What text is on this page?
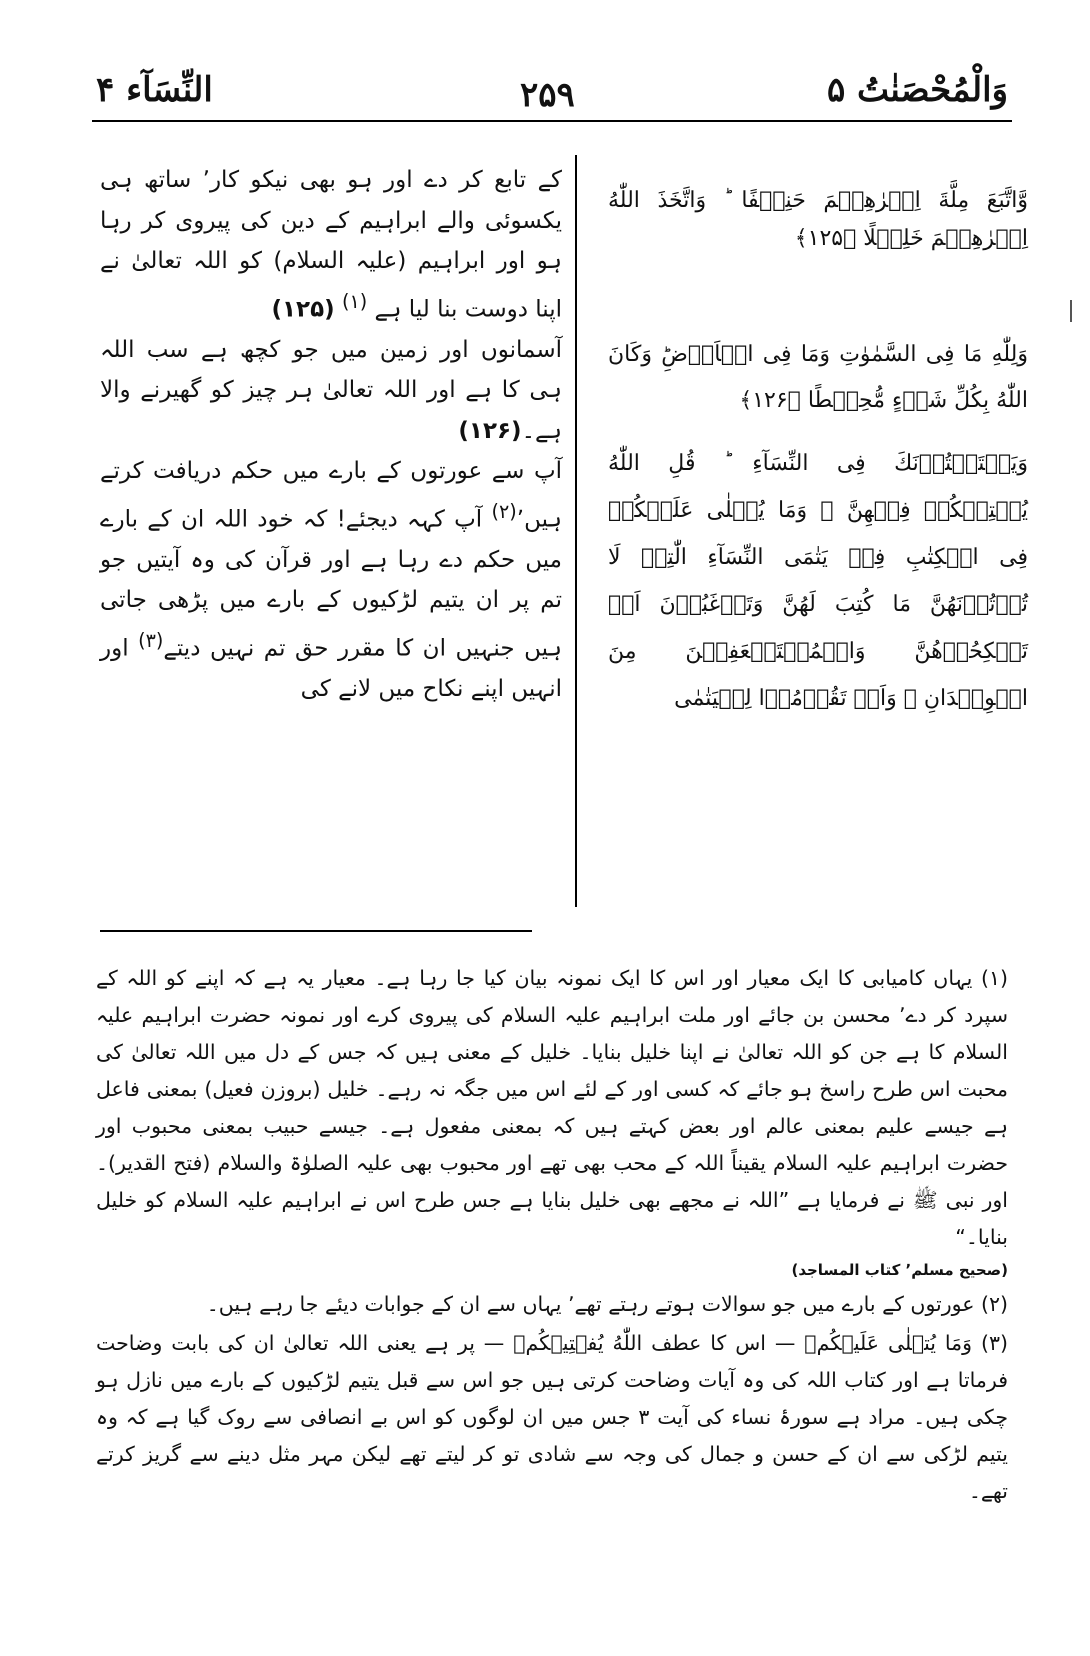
وَالْمُحْصَنٰتُ ۵
۲۵۹
النِّسَآء ۴
وَّاتَّبَعَ مِلَّةَ اِبۡرٰهِيۡمَ حَنِيۡفًا‌ ؕ وَاتَّخَذَ اللّٰهُ اِبۡرٰهِيۡمَ خَلِيۡلًا ﴿۱۲۵﴾
وَلِلّٰهِ مَا فِى السَّمٰوٰتِ وَمَا فِى الۡاَرۡضِ‌ؕ وَكَانَ اللّٰهُ بِكُلِّ شَىۡءٍ مُّحِيۡطًا ﴿۱۲۶﴾
وَيَسۡتَفۡتُوۡنَكَ فِى النِّسَآءِ‌ ؕ قُلِ اللّٰهُ يُفۡتِيۡكُمۡ فِيۡهِنَّ ۙ وَمَا يُتۡلٰى عَلَيۡكُمۡ فِى الۡكِتٰبِ فِىۡ يَتٰمَى النِّسَآءِ الّٰتِىۡ لَا تُؤۡتُوۡنَهُنَّ مَا كُتِبَ لَهُنَّ وَتَرۡغَبُوۡنَ اَنۡ تَنۡكِحُوۡهُنَّ وَالۡمُسۡتَضۡعَفِيۡنَ مِنَ الۡوِلۡدَانِ ۙ وَاَنۡ تَقُوۡمُوۡا لِلۡيَتٰمٰى

کے تابع کر دے اور ہو بھی نیکو کار٬ ساتھ ہی یکسوئی والے ابراہیم کے دین کی پیروی کر رہا ہو اور ابراہیم (علیہ السلام) کو اللہ تعالیٰ نے اپنا دوست بنا لیا ہے $^{(۱)}$ (۱۲۵)

آسمانوں اور زمین میں جو کچھ ہے سب اللہ ہی کا ہے اور اللہ تعالیٰ ہر چیز کو گھیرنے والا ہے۔(۱۲۶)

آپ سے عورتوں کے بارے میں حکم دریافت کرتے ہیں٬$^{(۲)}$ آپ کہہ دیجئے! کہ خود اللہ ان کے بارے میں حکم دے رہا ہے اور قرآن کی وہ آیتیں جو تم پر ان یتیم لڑکیوں کے بارے میں پڑھی جاتی ہیں جنہیں ان کا مقرر حق تم نہیں دیتے$^{(۳)}$ اور انہیں اپنے نکاح میں لانے کی

(۱) یہاں کامیابی کا ایک معیار اور اس کا ایک نمونہ بیان کیا جا رہا ہے۔ معیار یہ ہے کہ اپنے کو اللہ کے سپرد کر دے٬ محسن بن جائے اور ملت ابراہیم علیہ السلام کی پیروی کرے اور نمونہ حضرت ابراہیم علیہ السلام کا ہے جن کو اللہ تعالیٰ نے اپنا خلیل بنایا۔ خلیل کے معنی ہیں کہ جس کے دل میں اللہ تعالیٰ کی محبت اس طرح راسخ ہو جائے کہ کسی اور کے لئے اس میں جگہ نہ رہے۔ خلیل (بروزن فعیل) بمعنی فاعل ہے جیسے علیم بمعنی عالم اور بعض کہتے ہیں کہ بمعنی مفعول ہے۔ جیسے حبیب بمعنی محبوب اور حضرت ابراہیم علیہ السلام یقیناً اللہ کے محب بھی تھے اور محبوب بھی علیہ الصلوٰۃ والسلام (فتح القدیر)۔ اور نبی ﷺ نے فرمایا ہے ”اللہ نے مجھے بھی خلیل بنایا ہے جس طرح اس نے ابراہیم علیہ السلام کو خلیل بنایا۔“
(صحیح مسلم٬ کتاب المساجد)

(۲) عورتوں کے بارے میں جو سوالات ہوتے رہتے تھے٬ یہاں سے ان کے جوابات دیئے جا رہے ہیں۔

(۳) وَمَا يُتۡلٰى عَلَيۡكُمۡ — اس کا عطف اللّٰهُ يُفۡتِيۡكُمۡ — پر ہے یعنی اللہ تعالیٰ ان کی بابت وضاحت فرماتا ہے اور کتاب اللہ کی وہ آیات وضاحت کرتی ہیں جو اس سے قبل یتیم لڑکیوں کے بارے میں نازل ہو چکی ہیں۔ مراد ہے سورۂ نساء کی آیت ۳ جس میں ان لوگوں کو اس بے انصافی سے روک گیا ہے کہ وہ یتیم لڑکی سے ان کے حسن و جمال کی وجہ سے شادی تو کر لیتے تھے لیکن مہر مثل دینے سے گریز کرتے تھے۔
